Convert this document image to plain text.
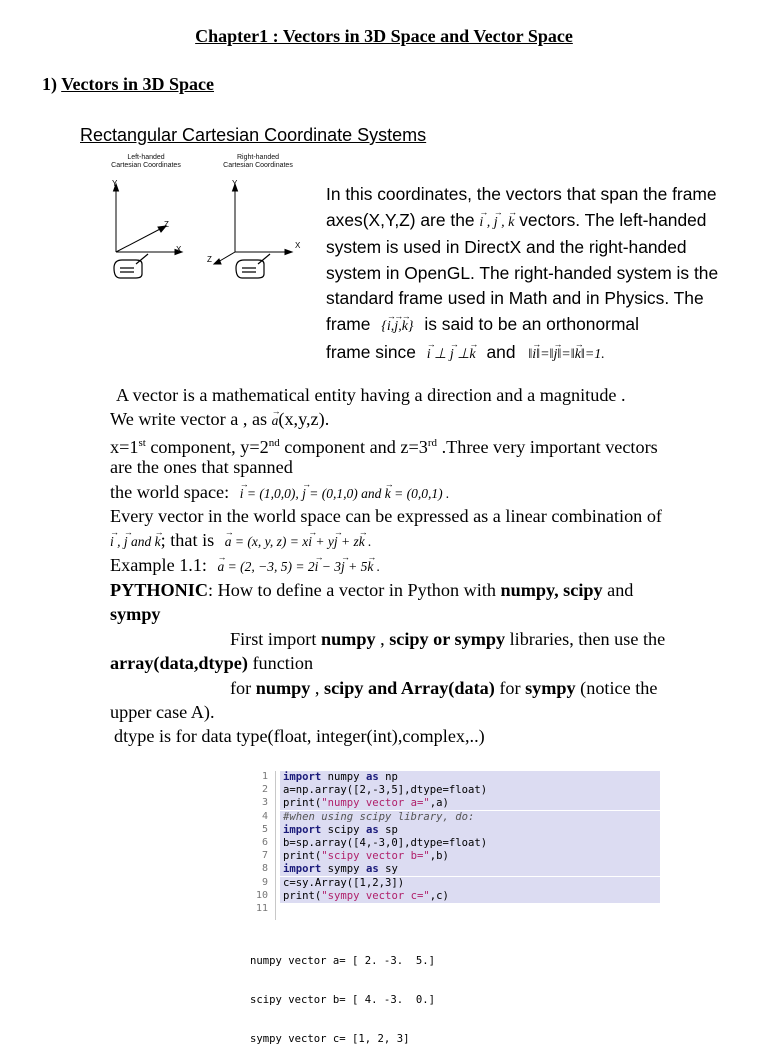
Chapter1 : Vectors in 3D Space and Vector Space
1) Vectors in 3D Space
Rectangular Cartesian Coordinate Systems
Left-handed
Cartesian Coordinates
Right-handed
Cartesian Coordinates
Y
Z
X
Y
X
Z
In this coordinates, the vectors that span the frame
axes(X,Y,Z) are the → i , → j , → k vectors. The left-handed
system is used in DirectX and the right-handed
system in OpenGL. The right-handed system is the
standard frame used in Math and in Physics. The
frame {→ i,→ j,→ k} is said to be an orthonormal
frame since → i ⊥ → j ⊥→ k and ‖→ i‖=‖→ j‖=‖→ k‖=1.
A vector is a mathematical entity having a direction and a magnitude .
We write vector a , as → a(x,y,z).
x=1st component, y=2nd component and z=3rd .Three very important vectors
are the ones that spanned
the world space: → i = (1,0,0), → j = (0,1,0) and → k = (0,0,1) .
Every vector in the world space can be expressed as a linear combination of
→ i , → j and → k; that is → a = (x, y, z) = x→ i + y→ j + z→ k .
Example 1.1: → a = (2, −3, 5) = 2→ i − 3→ j + 5→ k .
PYTHONIC: How to define a vector in Python with numpy, scipy and
sympy
First import numpy , scipy or sympy libraries, then use the
array(data,dtype) function
for numpy , scipy and Array(data) for sympy (notice the
upper case A).
dtype is for data type(float, integer(int),complex,..)
1 import numpy as np
2 a=np.array([2,-3,5],dtype=float)
3 print("numpy vector a=",a)
4 #when using scipy library, do:
5 import scipy as sp
6 b=sp.array([4,-3,0],dtype=float)
7 print("scipy vector b=",b)
8 import sympy as sy
9 c=sy.Array([1,2,3])
10 print("sympy vector c=",c)
11

numpy vector a= [ 2. -3.  5.]

scipy vector b= [ 4. -3.  0.]

sympy vector c= [1, 2, 3]
